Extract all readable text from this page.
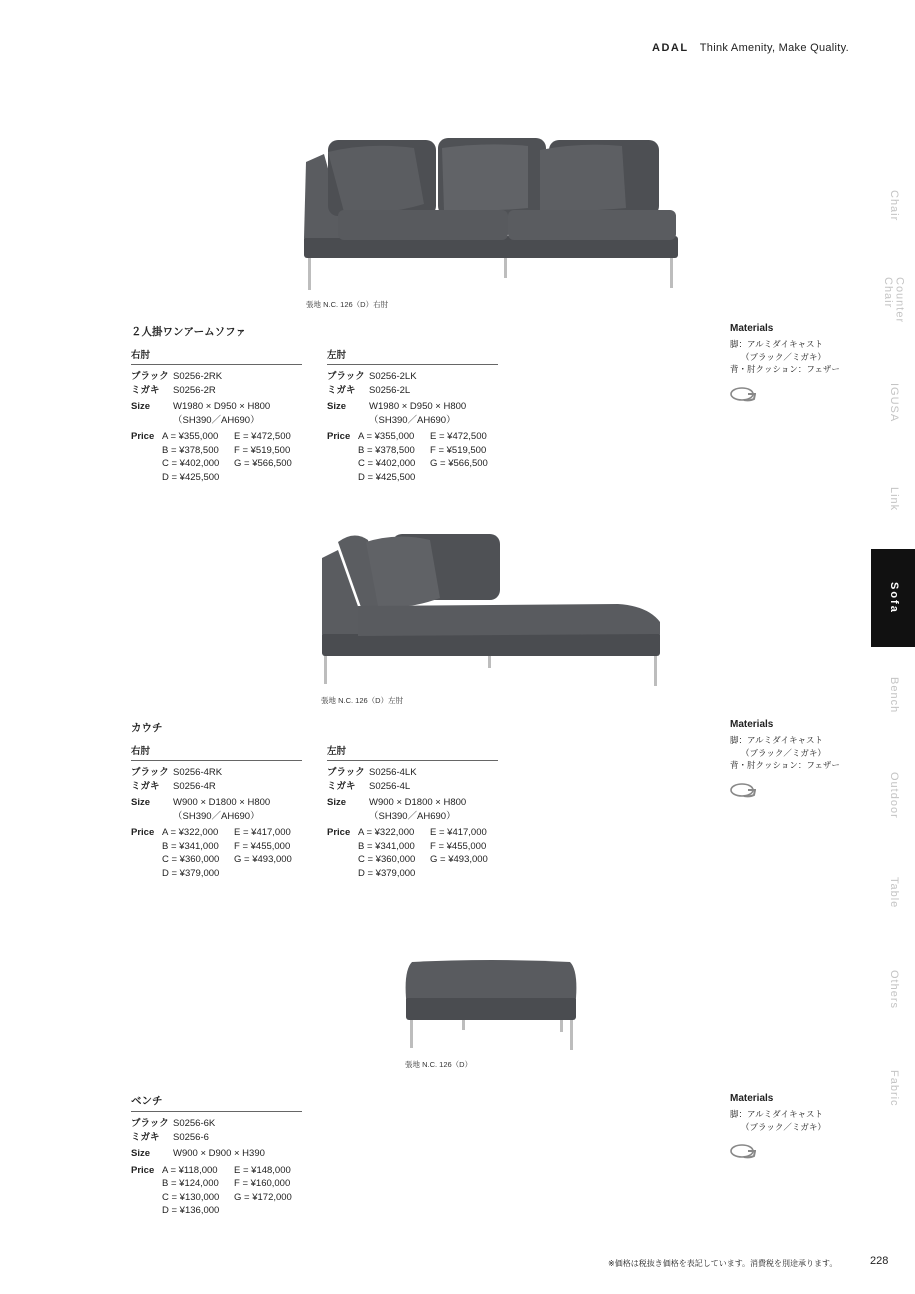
ADAL Think Amenity, Make Quality.
Chair
Counter Chair
IGUSA
Link
Sofa
Bench
Outdoor
Table
Others
Fabric
張地 N.C. 126（D）右肘
２人掛ワンアームソファ
右肘
ブラック S0256-2RK
ミガキ	S0256-2R
Size	W1980 × D950 × H800
（SH390／AH690）
Price A = ¥355,000	E = ¥472,500
B = ¥378,500	F = ¥519,500
C = ¥402,000	G = ¥566,500
D = ¥425,500
左肘
ブラック S0256-2LK
ミガキ	S0256-2L
Size	W1980 × D950 × H800
（SH390／AH690）
Price A = ¥355,000	E = ¥472,500
B = ¥378,500	F = ¥519,500
C = ¥402,000	G = ¥566,500
D = ¥425,500
Materials
脚：アルミダイキャスト
（ブラック／ミガキ）
背・肘クッション：フェザー
張地 N.C. 126（D）左肘
カウチ
右肘
ブラック S0256-4RK
ミガキ	S0256-4R
Size	W900 × D1800 × H800
（SH390／AH690）
Price A = ¥322,000	E = ¥417,000
B = ¥341,000	F = ¥455,000
C = ¥360,000	G = ¥493,000
D = ¥379,000
左肘
ブラック S0256-4LK
ミガキ	S0256-4L
Size	W900 × D1800 × H800
（SH390／AH690）
Price A = ¥322,000	E = ¥417,000
B = ¥341,000	F = ¥455,000
C = ¥360,000	G = ¥493,000
D = ¥379,000
Materials
脚：アルミダイキャスト
（ブラック／ミガキ）
背・肘クッション：フェザー
張地 N.C. 126（D）
ベンチ
ブラック S0256-6K
ミガキ	S0256-6
Size	W900 × D900 × H390
Price A = ¥118,000	E = ¥148,000
B = ¥124,000	F = ¥160,000
C = ¥130,000	G = ¥172,000
D = ¥136,000
Materials
脚：アルミダイキャスト
（ブラック／ミガキ）
※価格は税抜き価格を表記しています。消費税を別途承ります。	228
